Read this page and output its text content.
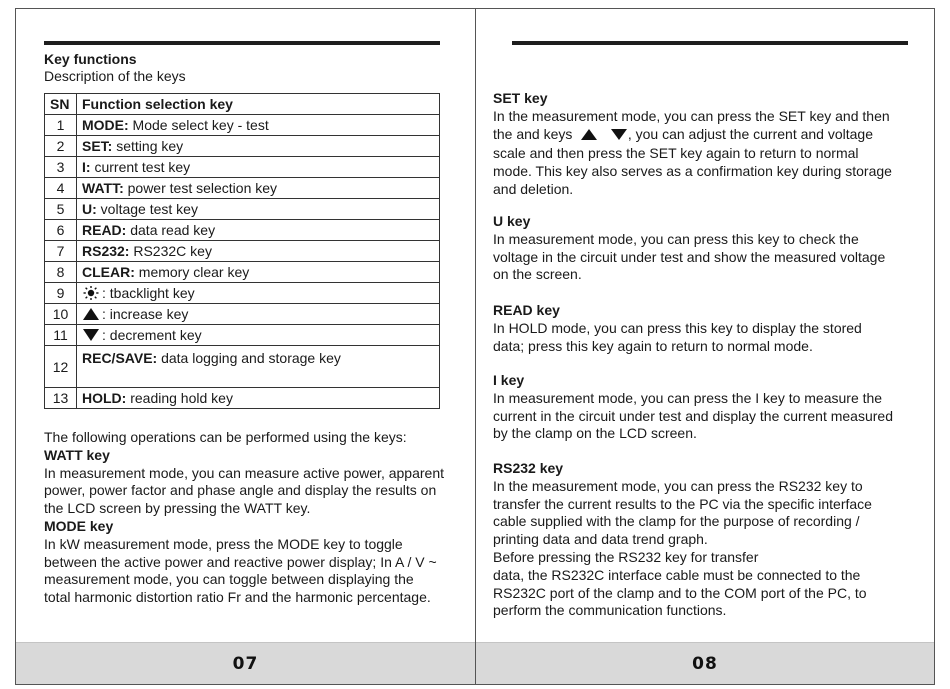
Key functions
Description of the keys
SN	Function selection key
1	MODE: Mode select key - test
2	SET: setting key
3	I: current test key
4	WATT: power test selection key
5	U: voltage test key
6	READ: data read key
7	RS232: RS232C key
8	CLEAR: memory clear key
9	: tbacklight key
10	: increase key
11	: decrement key
12	REC/SAVE: data logging and storage key
13	HOLD: reading hold key

The following operations can be performed using the keys:

WATT key

In measurement mode, you can measure active power, apparent power, power factor and phase angle and display the results on the LCD screen by pressing the WATT key.

MODE key

In kW measurement mode, press the MODE key to toggle between the active power and reactive power display; In A / V ~ measurement mode, you can toggle between displaying the total harmonic distortion ratio Fr and the harmonic percentage.

07

SET key

In the measurement mode, you can press the SET key and then the and keys	, you can adjust the current and voltage scale and then press the SET key again to return to normal mode. This key also serves as a confirmation key during storage and deletion.

U key

In measurement mode, you can press this key to check the voltage in the circuit under test and show the measured voltage on the screen.

READ key

In HOLD mode, you can press this key to display the stored data; press this key again to return to normal mode.

I key

In measurement mode, you can press the I key to measure the current in the circuit under test and display the current measured by the clamp on the LCD screen.

RS232 key

In the measurement mode, you can press the RS232 key to transfer the current results to the PC via the specific interface cable supplied with the clamp for the purpose of recording / printing data and data trend graph.

Before pressing the RS232 key for transfer

data, the RS232C interface cable must be connected to the RS232C port of the clamp and to the COM port of the PC, to perform the communication functions.

08
